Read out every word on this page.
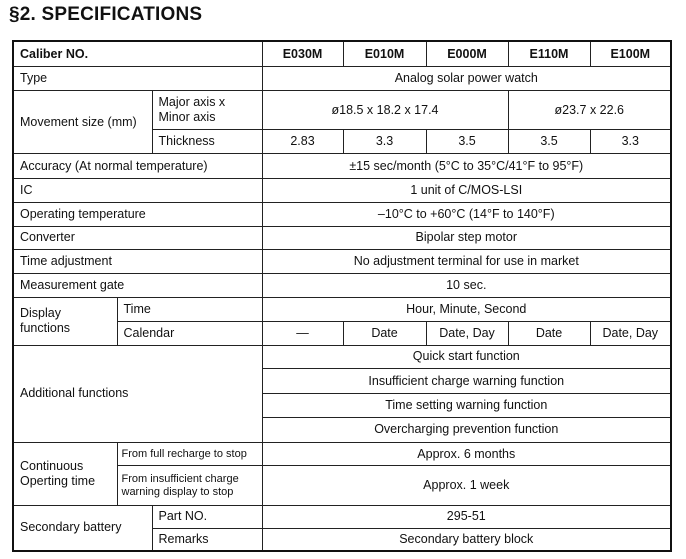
§2. SPECIFICATIONS
Caliber NO.			E030M	E010M	E000M	E110M	E100M
Type			Analog solar power watch				
Movement size (mm)		Major axis x Minor axis	ø18.5 x 18.2 x 17.4			ø23.7 x 22.6	
		Thickness	2.83	3.3	3.5	3.5	3.3
Accuracy (At normal temperature)			±15 sec/month (5°C to 35°C/41°F to 95°F)				
IC			1 unit of C/MOS-LSI				
Operating temperature			–10°C to +60°C (14°F to 140°F)				
Converter			Bipolar step motor				
Time adjustment			No adjustment terminal for use in market				
Measurement gate			10 sec.				
Display functions	Time		Hour, Minute, Second				
	Calendar		—	Date	Date, Day	Date	Date, Day
Additional functions			Quick start function				
			Insufficient charge warning function				
			Time setting warning function				
			Overcharging prevention function				
Continuous Operting time	From full recharge to stop		Approx. 6 months				
	From insufficient charge warning display to stop		Approx. 1 week				
Secondary battery		Part NO.	295-51				
		Remarks	Secondary battery block				
